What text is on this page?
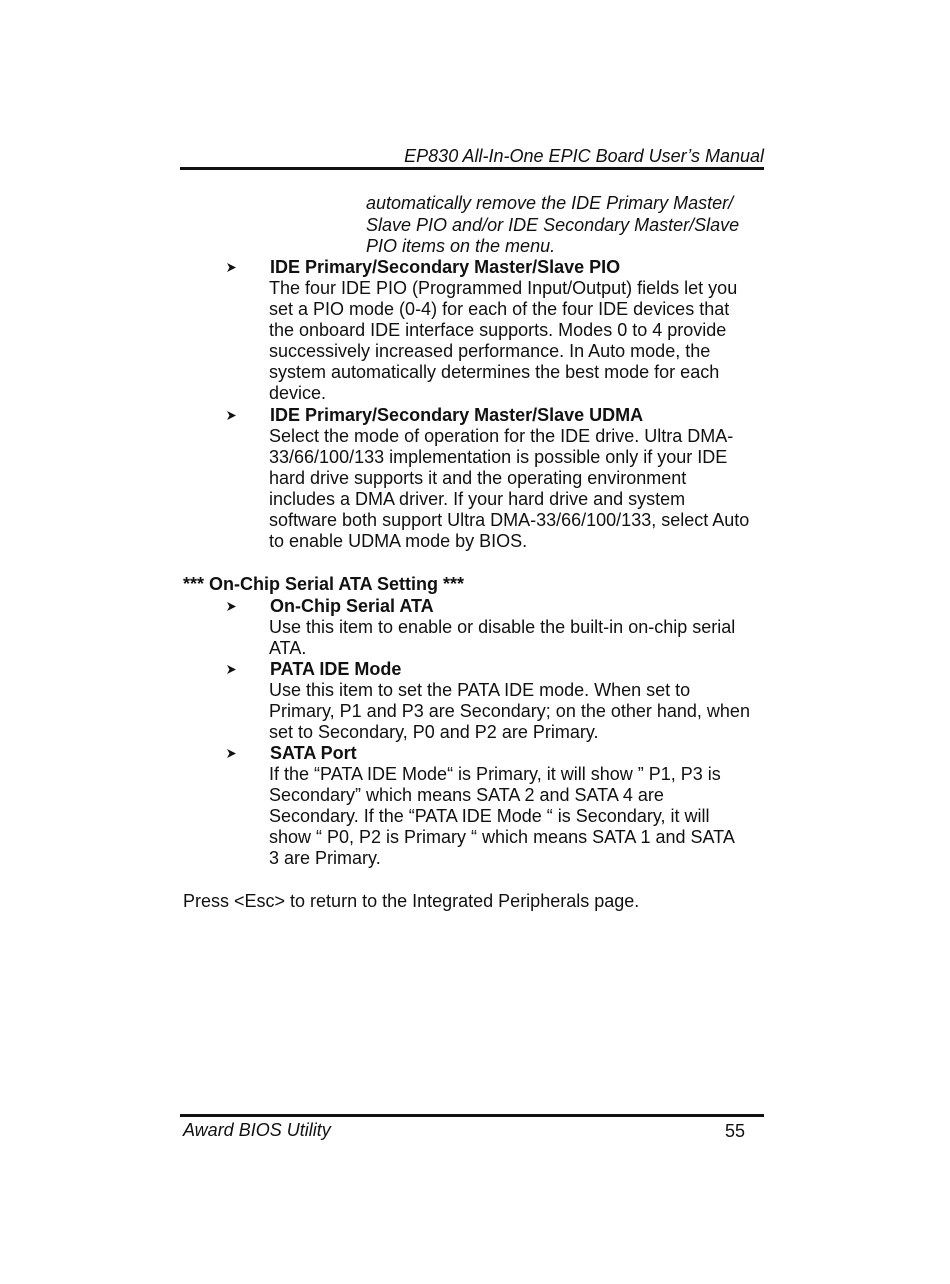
EP830 All-In-One EPIC Board User’s Manual
automatically remove the IDE Primary Master/
Slave PIO and/or IDE Secondary Master/Slave
PIO items on the menu.
IDE Primary/Secondary Master/Slave PIO
The four IDE PIO (Programmed Input/Output) fields let you
set a PIO mode (0-4) for each of the four IDE devices that
the onboard IDE interface supports. Modes 0 to 4 provide
successively increased performance. In Auto mode, the
system automatically determines the best mode for each
device.
IDE Primary/Secondary Master/Slave UDMA
Select the mode of operation for the IDE drive. Ultra DMA-
33/66/100/133 implementation is possible only if your IDE
hard drive supports it and the operating environment
includes a DMA driver. If your hard drive and system
software both support Ultra DMA-33/66/100/133, select Auto
to enable UDMA mode by BIOS.
*** On-Chip Serial ATA Setting ***
On-Chip Serial ATA
Use this item to enable or disable the built-in on-chip serial
ATA.
PATA IDE Mode
Use this item to set the PATA IDE mode. When set to
Primary, P1 and P3 are Secondary; on the other hand, when
set to Secondary, P0 and P2 are Primary.
SATA Port
If the “PATA IDE Mode“ is Primary, it will show ” P1, P3 is
Secondary” which means SATA 2 and SATA 4 are
Secondary. If the “PATA IDE Mode “ is Secondary, it will
show “ P0, P2 is Primary “ which means SATA 1 and SATA
3 are Primary.
Press <Esc> to return to the Integrated Peripherals page.
Award BIOS Utility	55
